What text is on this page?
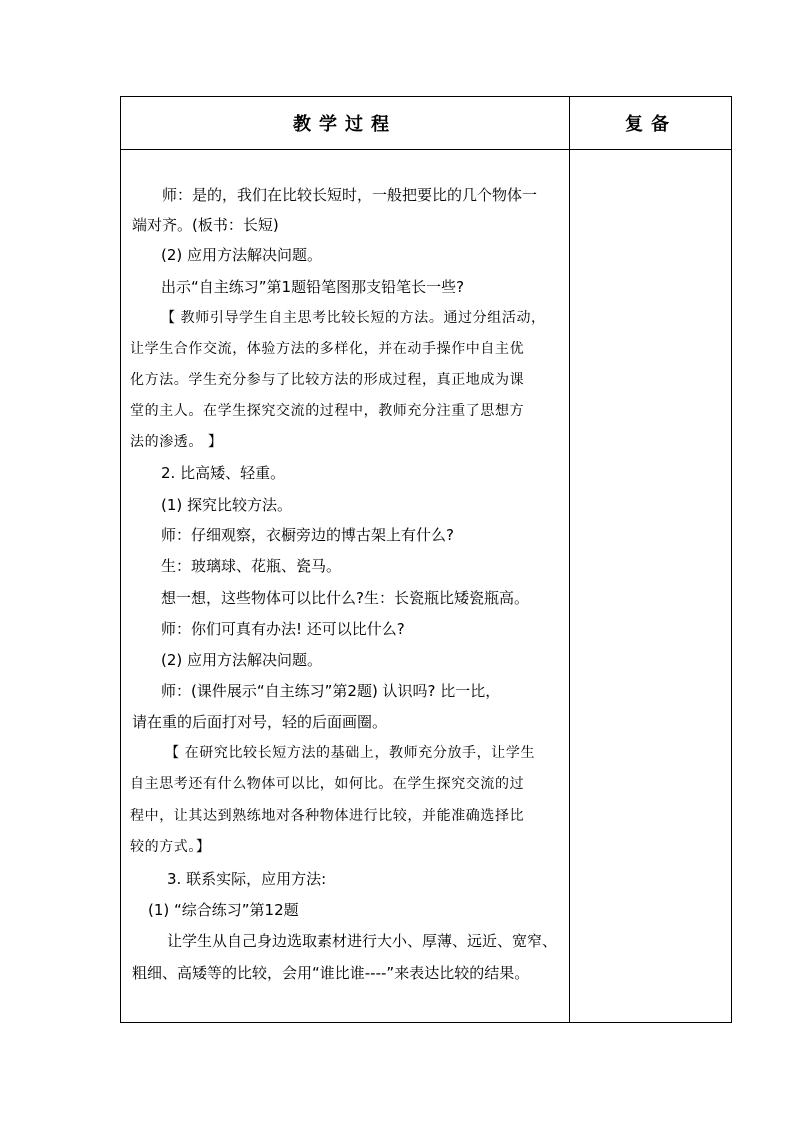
教学过程	复备
师：是的，我们在比较长短时，一般把要比的几个物体一
端对齐。(板书：长短)
(2) 应用方法解决问题。
出示“自主练习”第1题铅笔图那支铅笔长一些?
【 教师引导学生自主思考比较长短的方法。通过分组活动，
让学生合作交流，体验方法的多样化，并在动手操作中自主优
化方法。学生充分参与了比较方法的形成过程，真正地成为课
堂的主人。在学生探究交流的过程中，教师充分注重了思想方
法的渗透。 】
2. 比高矮、轻重。
(1) 探究比较方法。
师：仔细观察，衣橱旁边的博古架上有什么?
生：玻璃球、花瓶、瓷马。
想一想，这些物体可以比什么?生：长瓷瓶比矮瓷瓶高。
师：你们可真有办法! 还可以比什么?
(2) 应用方法解决问题。
师：(课件展示“自主练习”第2题) 认识吗? 比一比，
请在重的后面打对号，轻的后面画圈。
【 在研究比较长短方法的基础上，教师充分放手，让学生
自主思考还有什么物体可以比，如何比。在学生探究交流的过
程中，让其达到熟练地对各种物体进行比较，并能准确选择比
较的方式。】
3. 联系实际，应用方法:
(1) “综合练习”第12题
让学生从自己身边选取素材进行大小、厚薄、远近、宽窄、
粗细、高矮等的比较，会用“谁比谁----”来表达比较的结果。
